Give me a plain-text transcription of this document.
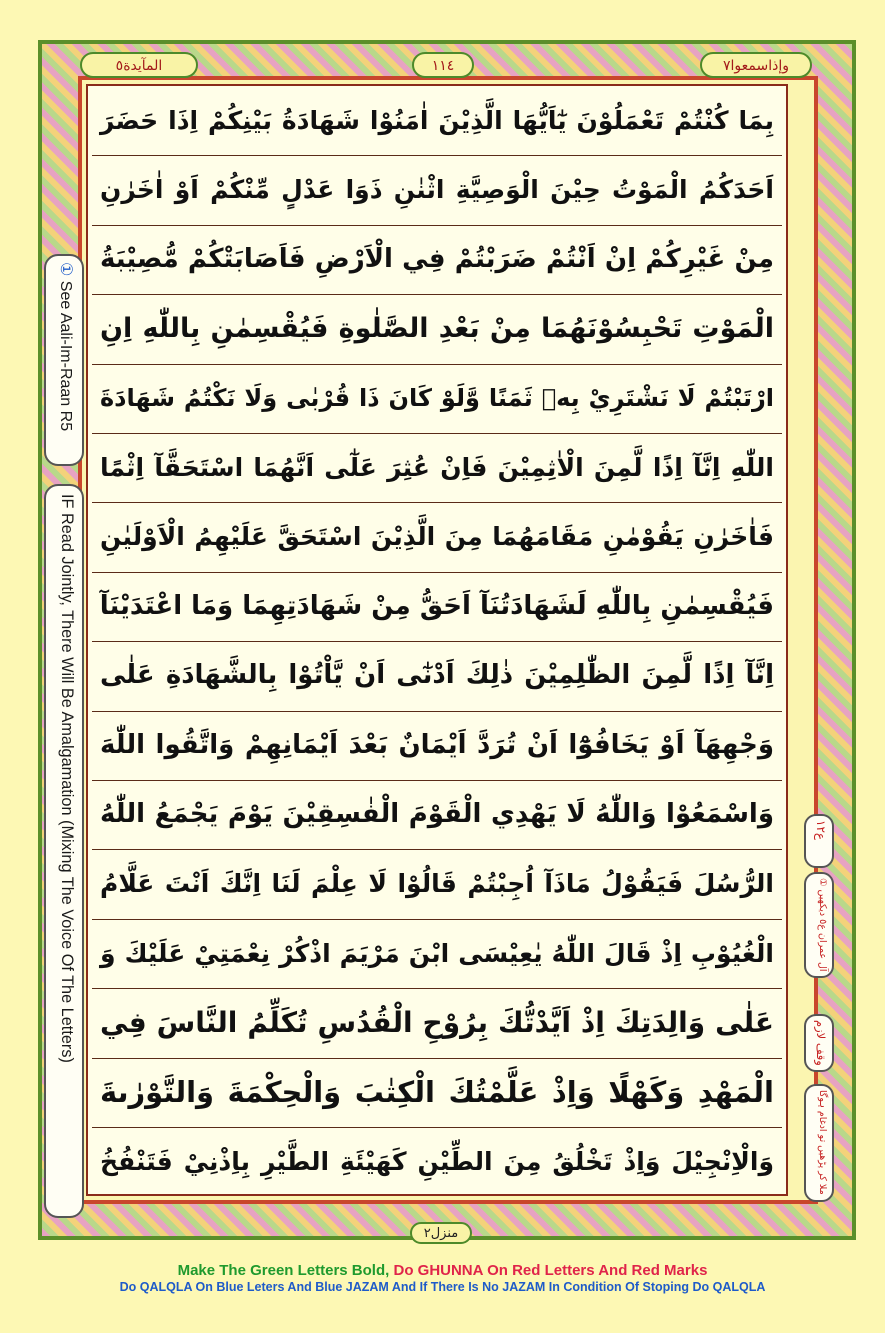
المآيدة٥	١١٤	وإذاسمعوا٧
① See Aali-Im-Raan R5
IF Read Jointly, There Will Be Amalgamation (Mixing The Voice Of The Letters)	ع١٢
① آل عمران ع٥ دیکھیں
وقف لازم
ملا کر پڑھیں تو ادغام ہوگا
منزل٢
Make The Green Letters Bold, Do GHUNNA On Red Letters And Red Marks
Do QALQLA On Blue Leters And Blue JAZAM And If There Is No JAZAM In Condition Of Stoping Do QALQLA
بِمَا كُنْتُمْ تَعْمَلُوْنَ يٰٓاَيُّهَا الَّذِيْنَ اٰمَنُوْا شَهَادَةُ بَيْنِكُمْ اِذَا حَضَرَ
اَحَدَكُمُ الْمَوْتُ حِيْنَ الْوَصِيَّةِ اثْنٰنِ ذَوَا عَدْلٍ مِّنْكُمْ اَوْ اٰخَرٰنِ
مِنْ غَيْرِكُمْ اِنْ اَنْتُمْ ضَرَبْتُمْ فِي الْاَرْضِ فَاَصَابَتْكُمْ مُّصِيْبَةُ
الْمَوْتِ تَحْبِسُوْنَهُمَا مِنْ بَعْدِ الصَّلٰوةِ فَيُقْسِمٰنِ بِاللّٰهِ اِنِ
ارْتَبْتُمْ لَا نَشْتَرِيْ بِهٖ ثَمَنًا وَّلَوْ كَانَ ذَا قُرْبٰى وَلَا نَكْتُمُ شَهَادَةَ
اللّٰهِ اِنَّآ اِذًا لَّمِنَ الْاٰثِمِيْنَ فَاِنْ عُثِرَ عَلٰٓى اَنَّهُمَا اسْتَحَقَّآ اِثْمًا
فَاٰخَرٰنِ يَقُوْمٰنِ مَقَامَهُمَا مِنَ الَّذِيْنَ اسْتَحَقَّ عَلَيْهِمُ الْاَوْلَيٰنِ
فَيُقْسِمٰنِ بِاللّٰهِ لَشَهَادَتُنَآ اَحَقُّ مِنْ شَهَادَتِهِمَا وَمَا اعْتَدَيْنَآ
اِنَّآ اِذًا لَّمِنَ الظّٰلِمِيْنَ ذٰلِكَ اَدْنٰٓى اَنْ يَّاْتُوْا بِالشَّهَادَةِ عَلٰى
وَجْهِهَآ اَوْ يَخَافُوْٓا اَنْ تُرَدَّ اَيْمَانٌ بَعْدَ اَيْمَانِهِمْ وَاتَّقُوا اللّٰهَ
وَاسْمَعُوْا وَاللّٰهُ لَا يَهْدِي الْقَوْمَ الْفٰسِقِيْنَ يَوْمَ يَجْمَعُ اللّٰهُ
الرُّسُلَ فَيَقُوْلُ مَاذَآ اُجِبْتُمْ قَالُوْا لَا عِلْمَ لَنَا اِنَّكَ اَنْتَ عَلَّامُ
الْغُيُوْبِ اِذْ قَالَ اللّٰهُ يٰعِيْسَى ابْنَ مَرْيَمَ اذْكُرْ نِعْمَتِيْ عَلَيْكَ وَ
عَلٰى وَالِدَتِكَ اِذْ اَيَّدْتُّكَ بِرُوْحِ الْقُدُسِ تُكَلِّمُ النَّاسَ فِي
الْمَهْدِ وَكَهْلًا وَاِذْ عَلَّمْتُكَ الْكِتٰبَ وَالْحِكْمَةَ وَالتَّوْرٰىةَ
وَالْاِنْجِيْلَ وَاِذْ تَخْلُقُ مِنَ الطِّيْنِ كَهَيْئَةِ الطَّيْرِ بِاِذْنِيْ فَتَنْفُخُ
